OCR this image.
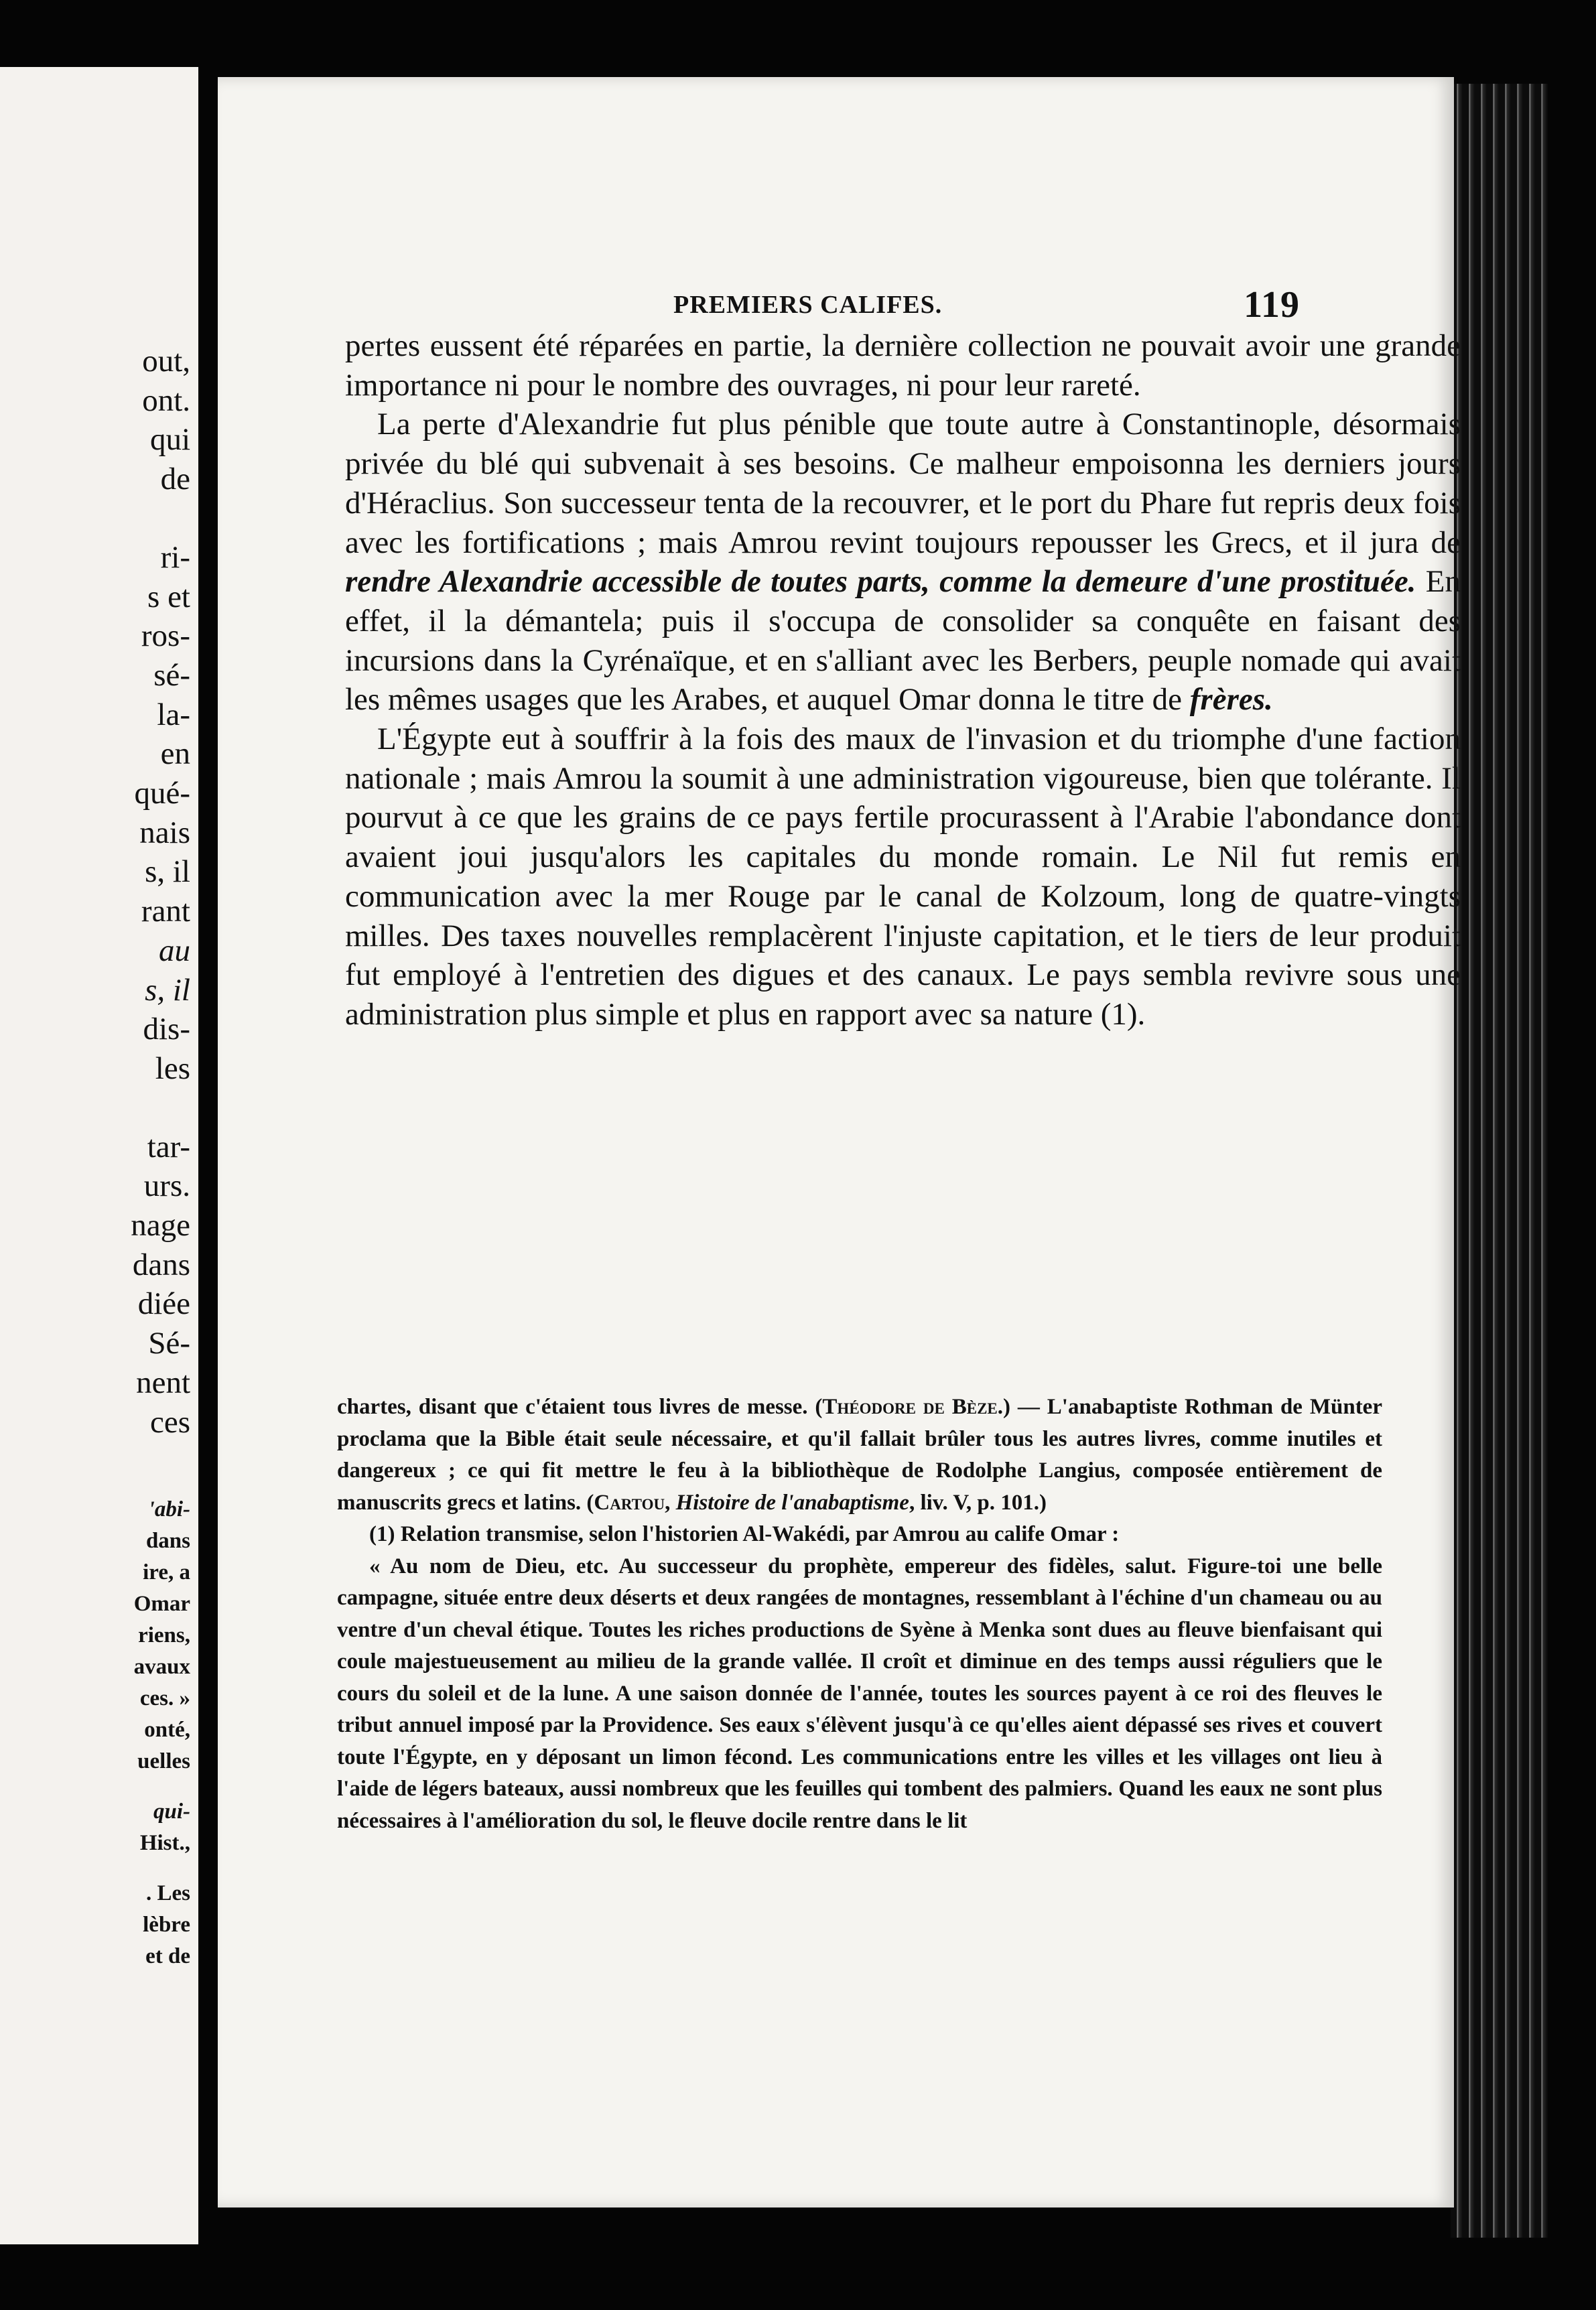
out,
ont.
qui
de
ri-
s et
ros-
sé-
la-
en
qué-
nais
s, il
rant
au
s, il
dis-
les
tar-
urs.
nage
dans
diée
Sé-
nent
ces
'abi-
dans
ire, a
Omar
riens,
avaux
ces. »
onté,
uelles
qui-
Hist.,
. Les
lèbre
et de
PREMIERS CALIFES.	119

pertes eussent été réparées en partie, la dernière collection ne pouvait avoir une grande importance ni pour le nombre des ouvrages, ni pour leur rareté.

La perte d'Alexandrie fut plus pénible que toute autre à Constantinople, désormais privée du blé qui subvenait à ses besoins. Ce malheur empoisonna les derniers jours d'Héraclius. Son successeur tenta de la recouvrer, et le port du Phare fut repris deux fois avec les fortifications ; mais Amrou revint toujours repousser les Grecs, et il jura de rendre Alexandrie accessible de toutes parts, comme la demeure d'une prostituée. En effet, il la démantela; puis il s'occupa de consolider sa conquête en faisant des incursions dans la Cyrénaïque, et en s'alliant avec les Berbers, peuple nomade qui avait les mêmes usages que les Arabes, et auquel Omar donna le titre de frères.

L'Égypte eut à souffrir à la fois des maux de l'invasion et du triomphe d'une faction nationale ; mais Amrou la soumit à une administration vigoureuse, bien que tolérante. Il pourvut à ce que les grains de ce pays fertile procurassent à l'Arabie l'abondance dont avaient joui jusqu'alors les capitales du monde romain. Le Nil fut remis en communication avec la mer Rouge par le canal de Kolzoum, long de quatre-vingts milles. Des taxes nouvelles remplacèrent l'injuste capitation, et le tiers de leur produit fut employé à l'entretien des digues et des canaux. Le pays sembla revivre sous une administration plus simple et plus en rapport avec sa nature (1).

chartes, disant que c'étaient tous livres de messe. (Théodore de Bèze.) — L'anabaptiste Rothman de Münter proclama que la Bible était seule nécessaire, et qu'il fallait brûler tous les autres livres, comme inutiles et dangereux ; ce qui fit mettre le feu à la bibliothèque de Rodolphe Langius, composée entièrement de manuscrits grecs et latins. (Cartou, Histoire de l'anabaptisme, liv. V, p. 101.)

(1) Relation transmise, selon l'historien Al-Wakédi, par Amrou au calife Omar :

« Au nom de Dieu, etc. Au successeur du prophète, empereur des fidèles, salut. Figure-toi une belle campagne, située entre deux déserts et deux rangées de montagnes, ressemblant à l'échine d'un chameau ou au ventre d'un cheval étique. Toutes les riches productions de Syène à Menka sont dues au fleuve bienfaisant qui coule majestueusement au milieu de la grande vallée. Il croît et diminue en des temps aussi réguliers que le cours du soleil et de la lune. A une saison donnée de l'année, toutes les sources payent à ce roi des fleuves le tribut annuel imposé par la Providence. Ses eaux s'élèvent jusqu'à ce qu'elles aient dépassé ses rives et couvert toute l'Égypte, en y déposant un limon fécond. Les communications entre les villes et les villages ont lieu à l'aide de légers bateaux, aussi nombreux que les feuilles qui tombent des palmiers. Quand les eaux ne sont plus nécessaires à l'amélioration du sol, le fleuve docile rentre dans le lit
